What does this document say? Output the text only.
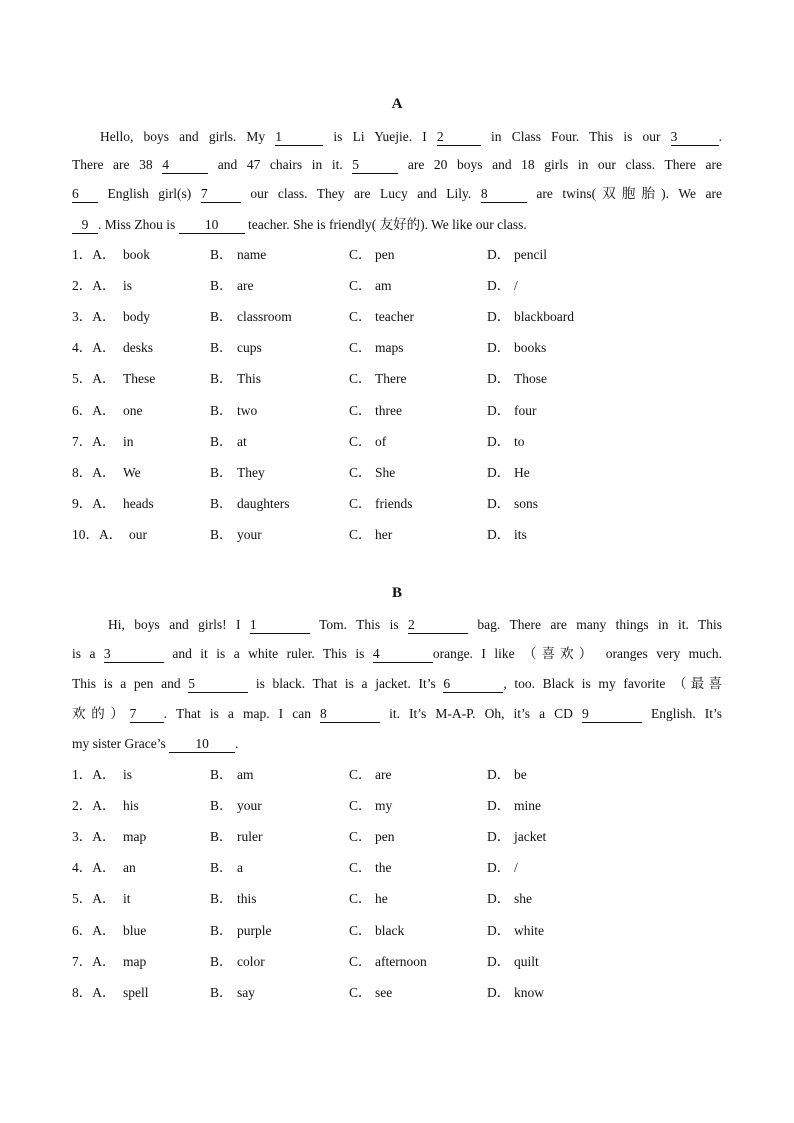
A
Hello, boys and girls. My 1	is Li Yuejie. I 2	in Class Four. This is our 3	.
There are 38 4	and 47 chairs in it. 5	are 20 boys and 18 girls in our class. There are
6 English girl(s) 7 our class. They are Lucy and Lily. 8	are twins(双胞胎). We are
9 . Miss Zhou is 10 teacher. She is friendly( 友好的). We like our class.
1．A． book	B． name	C． pen	D． pencil
2．A． is	B． are	C． am	D． /
3．A． body	B． classroom	C． teacher	D． blackboard
4．A． desks	B． cups	C． maps	D． books
5．A． These	B． This	C． There	D． Those
6．A． one	B． two	C． three	D． four
7．A． in	B． at	C． of	D． to
8．A． We	B． They	C． She	D． He
9．A． heads	B． daughters	C． friends	D． sons
10．A． our	B． your	C． her	D． its
B
Hi, boys and girls! I 1	Tom. This is 2	bag. There are many things in it. This
is a 3	and it is a white ruler. This is 4	orange. I like （喜欢） oranges very much.
This is a pen and 5	is black. That is a jacket. It’s 6	, too. Black is my favorite （最喜
欢的）7 . That is a map. I can 8	it. It’s M-A-P. Oh, it’s a CD 9	English. It’s
my sister Grace’s 10 .
1．A． is	B． am	C． are	D． be
2．A． his	B． your	C． my	D． mine
3．A． map	B． ruler	C． pen	D． jacket
4．A． an	B． a	C． the	D． /
5．A． it	B． this	C． he	D． she
6．A． blue	B． purple	C． black	D． white
7．A． map	B． color	C． afternoon	D． quilt
8．A． spell	B． say	C． see	D． know
